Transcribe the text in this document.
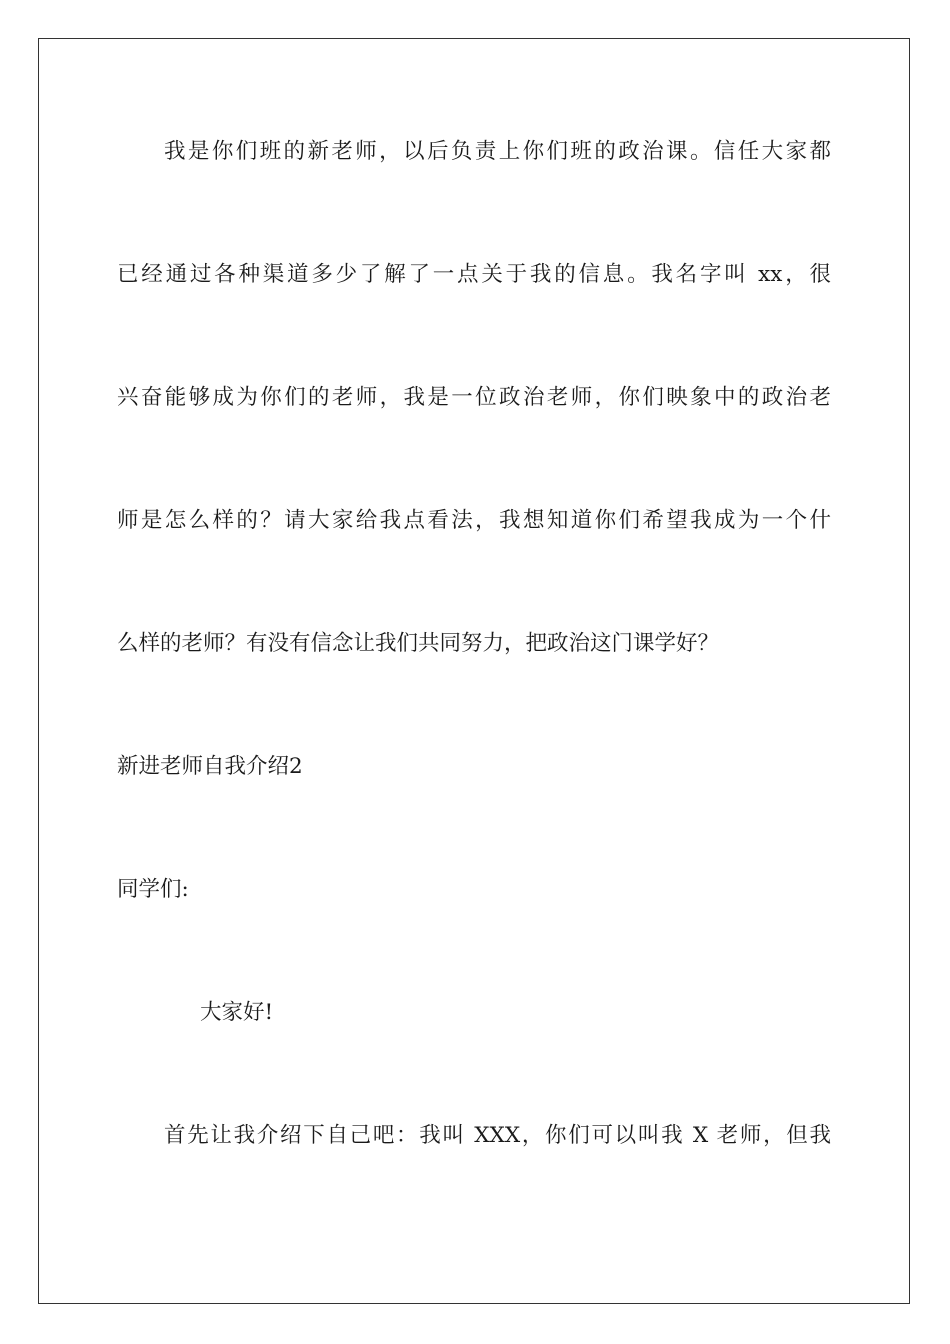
我是你们班的新老师，以后负责上你们班的政治课。信任大家都
已经通过各种渠道多少了解了一点关于我的信息。我名字叫 xx，很
兴奋能够成为你们的老师，我是一位政治老师，你们映象中的政治老
师是怎么样的？请大家给我点看法，我想知道你们希望我成为一个什
么样的老师？有没有信念让我们共同努力，把政治这门课学好？
新进老师自我介绍2
同学们:
大家好!
首先让我介绍下自己吧：我叫 XXX，你们可以叫我 X 老师，但我
